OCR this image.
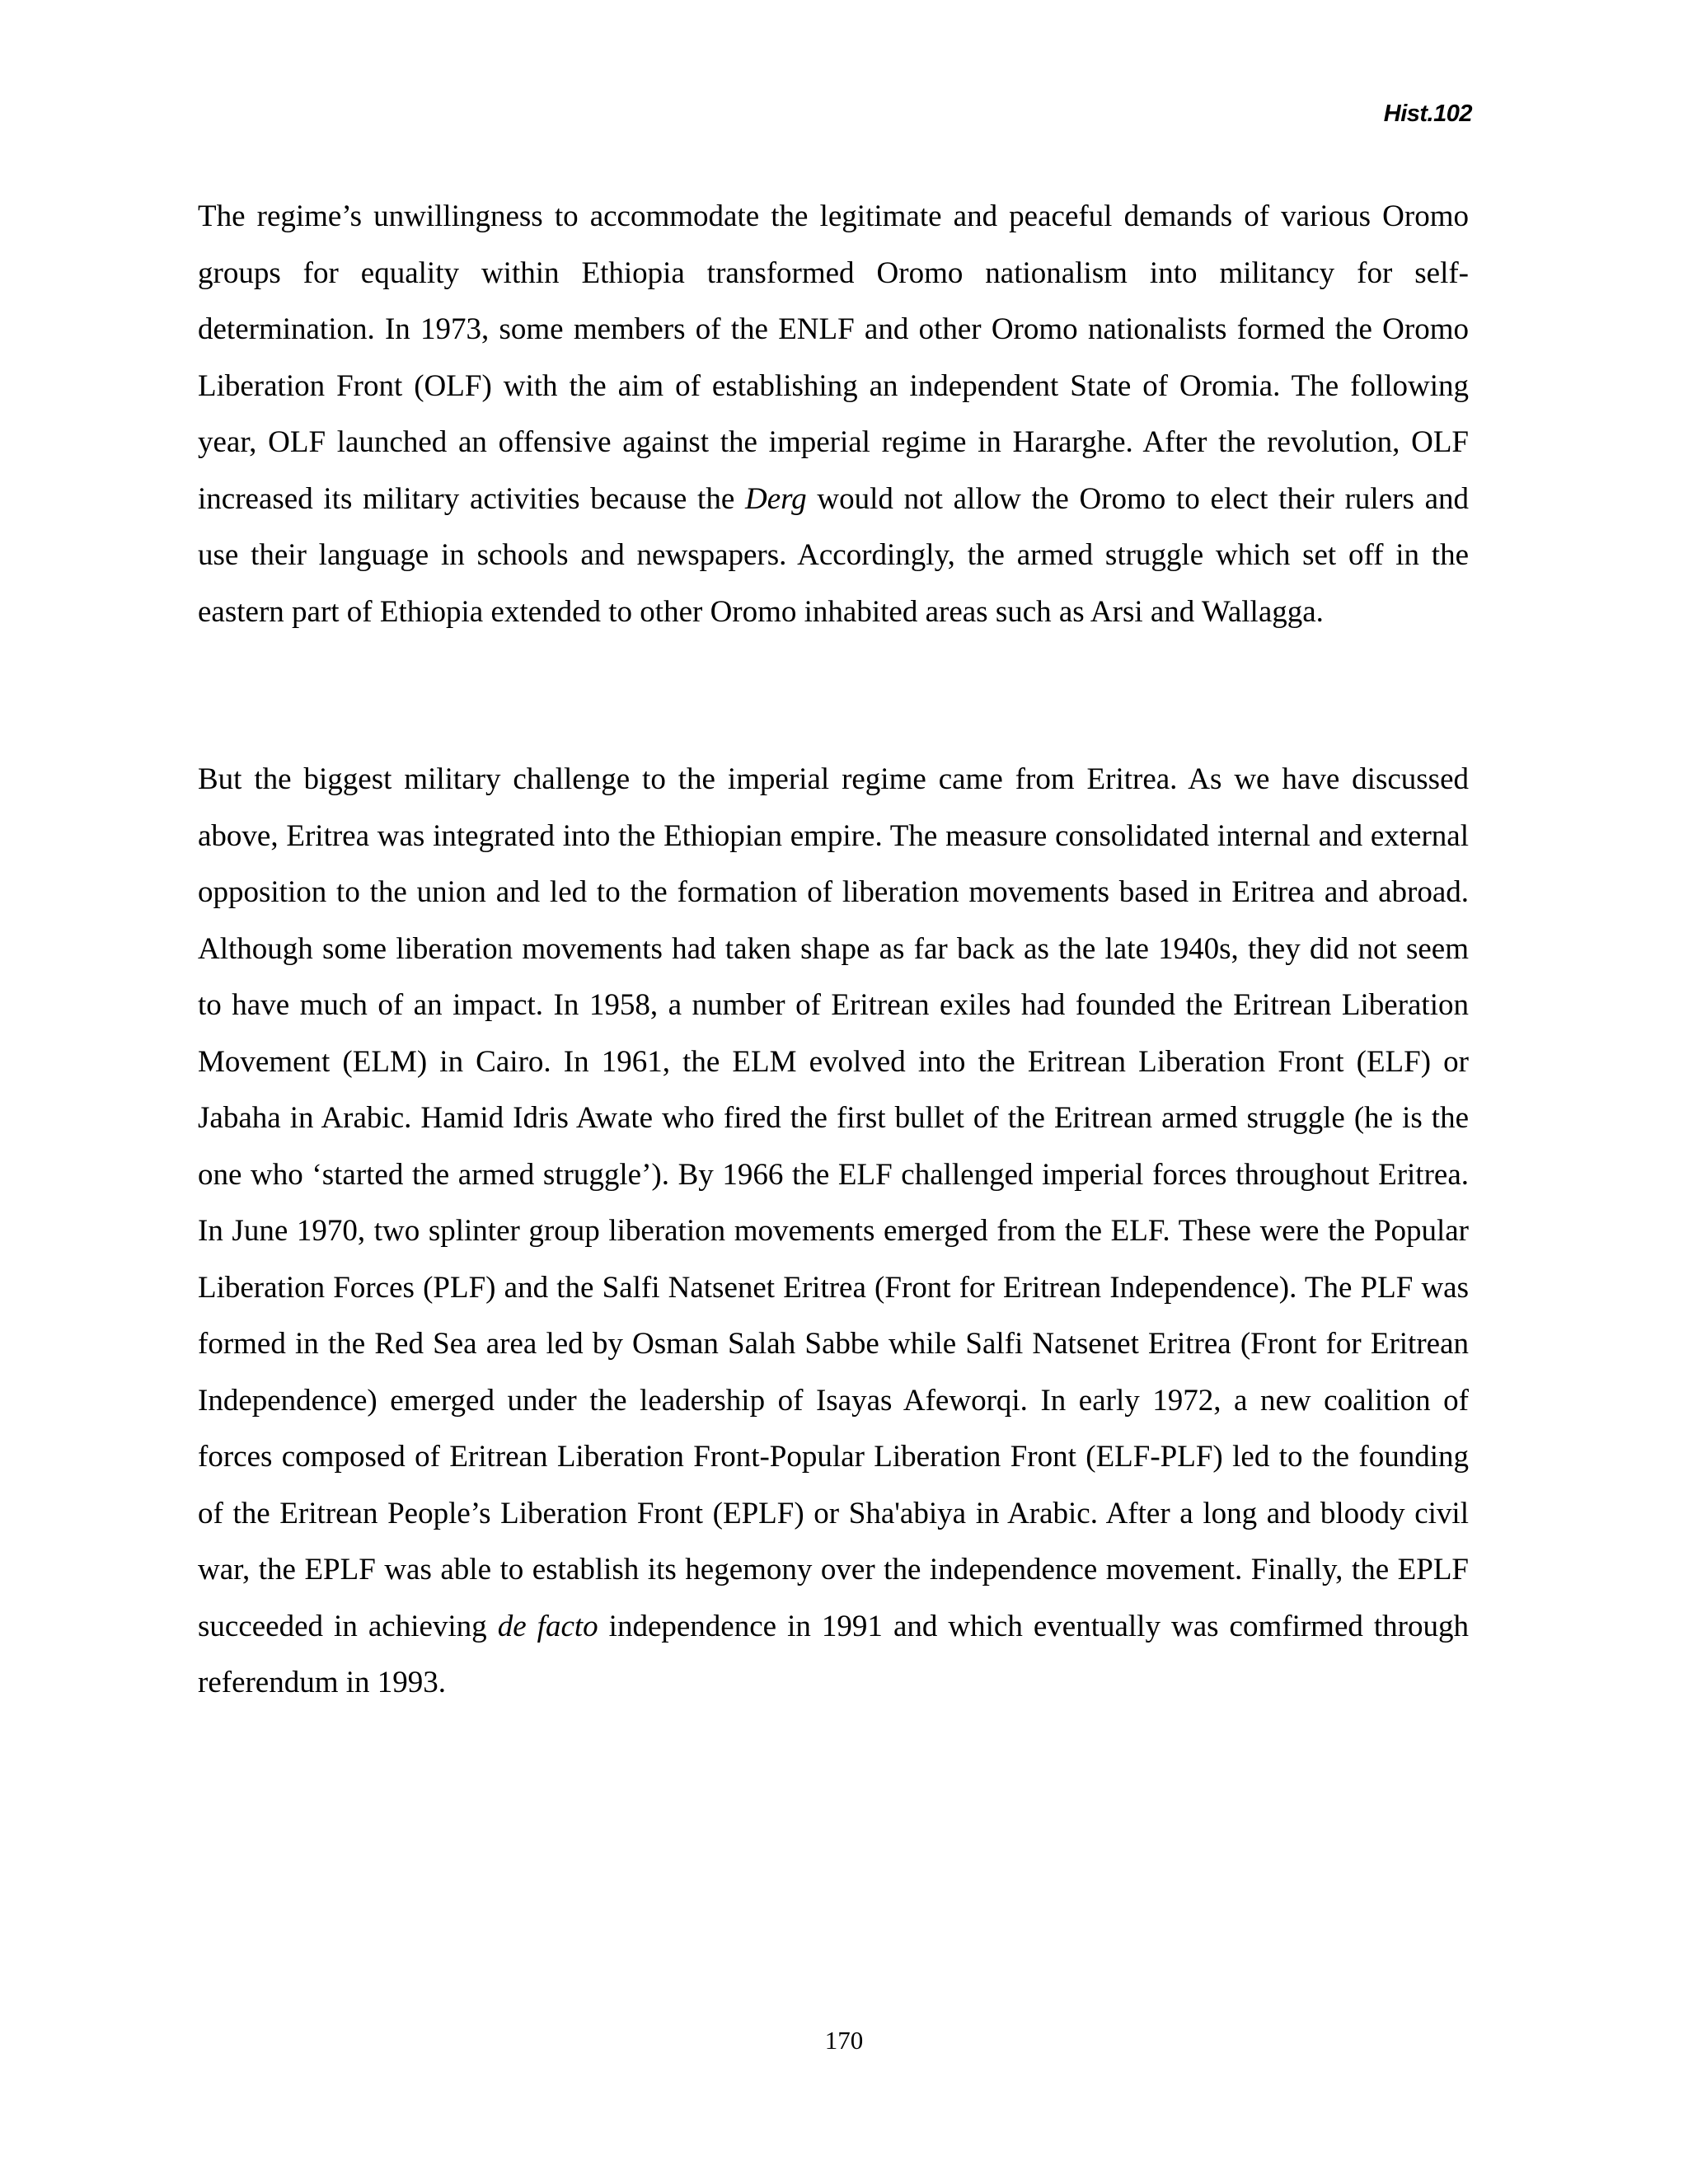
Hist.102

The regime’s unwillingness to accommodate the legitimate and peaceful demands of various Oromo groups for equality within Ethiopia transformed Oromo nationalism into militancy for self-determination. In 1973, some members of the ENLF and other Oromo nationalists formed the Oromo Liberation Front (OLF) with the aim of establishing an independent State of Oromia. The following year, OLF launched an offensive against the imperial regime in Hararghe. After the revolution, OLF increased its military activities because the Derg would not allow the Oromo to elect their rulers and use their language in schools and newspapers. Accordingly, the armed struggle which set off in the eastern part of Ethiopia extended to other Oromo inhabited areas such as Arsi and Wallagga.

But the biggest military challenge to the imperial regime came from Eritrea. As we have discussed above, Eritrea was integrated into the Ethiopian empire. The measure consolidated internal and external opposition to the union and led to the formation of liberation movements based in Eritrea and abroad. Although some liberation movements had taken shape as far back as the late 1940s, they did not seem to have much of an impact. In 1958, a number of Eritrean exiles had founded the Eritrean Liberation Movement (ELM) in Cairo. In 1961, the ELM evolved into the Eritrean Liberation Front (ELF) or Jabaha in Arabic. Hamid Idris Awate who fired the first bullet of the Eritrean armed struggle (he is the one who ‘started the armed struggle’). By 1966 the ELF challenged imperial forces throughout Eritrea. In June 1970, two splinter group liberation movements emerged from the ELF. These were the Popular Liberation Forces (PLF) and the Salfi Natsenet Eritrea (Front for Eritrean Independence). The PLF was formed in the Red Sea area led by Osman Salah Sabbe while Salfi Natsenet Eritrea (Front for Eritrean Independence) emerged under the leadership of Isayas Afeworqi. In early 1972, a new coalition of forces composed of Eritrean Liberation Front-Popular Liberation Front (ELF-PLF) led to the founding of the Eritrean People’s Liberation Front (EPLF) or Sha'abiya in Arabic. After a long and bloody civil war, the EPLF was able to establish its hegemony over the independence movement. Finally, the EPLF succeeded in achieving de facto independence in 1991 and which eventually was comfirmed through referendum in 1993.

170
